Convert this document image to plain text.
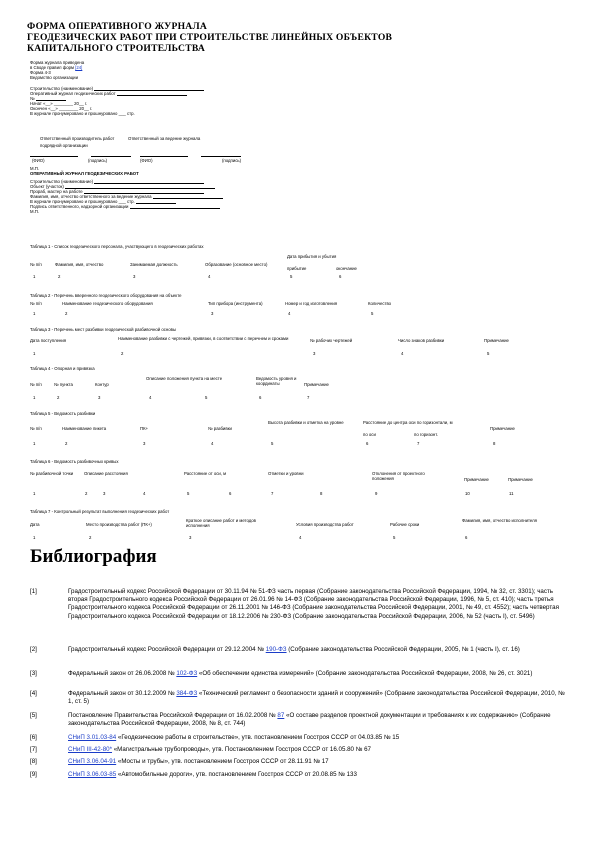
ФОРМА ОПЕРАТИВНОГО ЖУРНАЛА
ГЕОДЕЗИЧЕСКИХ РАБОТ ПРИ СТРОИТЕЛЬСТВЕ ЛИНЕЙНЫХ ОБЪЕКТОВ
КАПИТАЛЬНОГО СТРОИТЕЛЬСТВА
Форма журнала приведена
в Своде правил форм [24]
Форма 4-3
Ведомство организации
Строительство (наименование)
Оперативный журнал геодезических работ
№
Начат «__» ________ 20__ г.
Окончен «__» ________ 20__ г.
В журнале пронумеровано и прошнуровано ___ стр.
Ответственный производитель работ	Ответственный за ведение журнала
подрядной организации

(ФИО)	(подпись)	(ФИО)	(подпись)
М.П.
ОПЕРАТИВНЫЙ ЖУРНАЛ ГЕОДЕЗИЧЕСКИХ РАБОТ
Строительство (наименование)
Объект (участок)
Прораб, мастер на работе
Фамилия, имя, отчество ответственного за ведение журнала
В журнале пронумеровано и прошнуровано ___ стр.
Подпись ответственного, надзорной организации
М.П.
Таблица 1 - Список геодезического персонала, участвующего в геодезических работах
№ п/п	Фамилия, имя, отчество	Занимаемая должность	Образование (основное место)
Дата прибытия и убытия
прибытие	окончание
1	2	3	4	5	6
Таблица 2 - Перечень вверенного геодезического оборудования на объекте
№ п/п	Наименование геодезического оборудования	Тип прибора (инструмента)	Номер и год изготовления	Количество
1	2	3	4	5
Таблица 3 - Перечень мест разбивки геодезической разбивочной основы
Дата поступления	Наименование разбивки с чертежей, привязки, в соответствии с перечнем и сроками	№ рабочих чертежей	Число знаков разбивки	Примечание
1	2	3	4	5
Таблица 4 - Опорная и привязка
№ п/п	№ пункта	Контур
Описание положения пункта на месте	Ведомость уровня и координаты	Примечание
1	2	3	4	5	6	7
Таблица 5 - Ведомость разбивки
№ п/п	Наименование пикета	ПК+	№ разбивки
Высота разбивки и отметка на уровне	Расстояние до центра оси по горизонтали, м
по оси	по горизонт.
Примечание
1	2	3	4	5	6	7	8
Таблица 6 - Ведомость разбивочных кривых
№ разбивочной точки	Описание расстояния	Расстояние от оси, м	Отметки и уровни	Отклонения от проектного положения	Примечание	Примечание
1	2	3	4	5	6	7	8	9	10	11
Таблица 7 - Контрольный результат выполнения геодезических работ
Дата	Место производства работ (ПК+)
Краткое описание работ и методов исполнения	Условия производства работ	Рабочие сроки
Фамилия, имя, отчество исполнителя
1	2	3	4	5	6
Библиография
[1]	Градостроительный кодекс Российской Федерации от 30.11.94 № 51-ФЗ часть первая (Собрание законодательства Российской Федерации, 1994, № 32, ст. 3301); часть вторая Градостроительного кодекса Российской Федерации от 26.01.96 № 14-ФЗ (Собрание законодательства Российской Федерации, 1996, № 5, ст. 410); часть третья Градостроительного кодекса Российской Федерации от 26.11.2001 № 146-ФЗ (Собрание законодательства Российской Федерации, 2001, № 49, ст. 4552); часть четвертая Градостроительного кодекса Российской Федерации от 18.12.2006 № 230-ФЗ (Собрание законодательства Российской Федерации, 2006, № 52 (часть I), ст. 5496)
[2]	Градостроительный кодекс Российской Федерации от 29.12.2004 № 190-ФЗ (Собрание законодательства Российской Федерации, 2005, № 1 (часть I), ст. 16)
[3]	Федеральный закон от 26.06.2008 № 102-ФЗ «Об обеспечении единства измерений» (Собрание законодательства Российской Федерации, 2008, № 26, ст. 3021)
[4]	Федеральный закон от 30.12.2009 № 384-ФЗ «Технический регламент о безопасности зданий и сооружений» (Собрание законодательства Российской Федерации, 2010, № 1, ст. 5)
[5]	Постановление Правительства Российской Федерации от 16.02.2008 № 87 «О составе разделов проектной документации и требованиях к их содержанию» (Собрание законодательства Российской Федерации, 2008, № 8, ст. 744)
[6]	СНиП 3.01.03-84 «Геодезические работы в строительстве», утв. постановлением Госстроя СССР от 04.03.85 № 15
[7]	СНиП III-42-80* «Магистральные трубопроводы», утв. Постановлением Госстроя СССР от 16.05.80 № 67
[8]	СНиП 3.06.04-91 «Мосты и трубы», утв. постановлением Госстроя СССР от 28.11.91 № 17
[9]	СНиП 3.06.03-85 «Автомобильные дороги», утв. постановлением Госстроя СССР от 20.08.85 № 133
